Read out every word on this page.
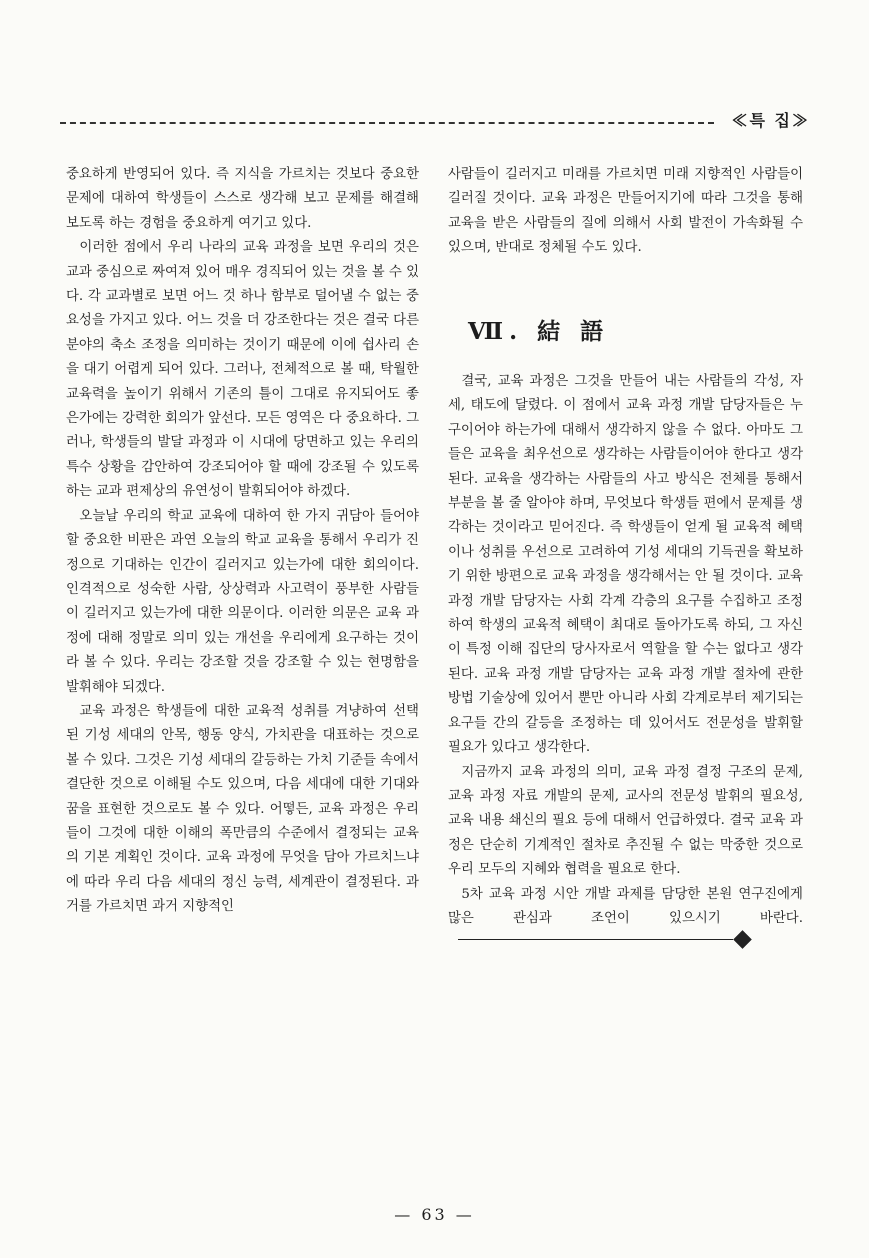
≪특 집≫

중요하게 반영되어 있다. 즉 지식을 가르치는 것보다 중요한 문제에 대하여 학생들이 스스로 생각해 보고 문제를 해결해 보도록 하는 경험을 중요하게 여기고 있다.

이러한 점에서 우리 나라의 교육 과정을 보면 우리의 것은 교과 중심으로 짜여져 있어 매우 경직되어 있는 것을 볼 수 있다. 각 교과별로 보면 어느 것 하나 함부로 덜어낼 수 없는 중요성을 가지고 있다. 어느 것을 더 강조한다는 것은 결국 다른 분야의 축소 조정을 의미하는 것이기 때문에 이에 쉽사리 손을 대기 어렵게 되어 있다. 그러나, 전체적으로 볼 때, 탁월한 교육력을 높이기 위해서 기존의 틀이 그대로 유지되어도 좋은가에는 강력한 회의가 앞선다. 모든 영역은 다 중요하다. 그러나, 학생들의 발달 과정과 이 시대에 당면하고 있는 우리의 특수 상황을 감안하여 강조되어야 할 때에 강조될 수 있도록 하는 교과 편제상의 유연성이 발휘되어야 하겠다.

오늘날 우리의 학교 교육에 대하여 한 가지 귀담아 들어야 할 중요한 비판은 과연 오늘의 학교 교육을 통해서 우리가 진정으로 기대하는 인간이 길러지고 있는가에 대한 회의이다. 인격적으로 성숙한 사람, 상상력과 사고력이 풍부한 사람들이 길러지고 있는가에 대한 의문이다. 이러한 의문은 교육 과정에 대해 정말로 의미 있는 개선을 우리에게 요구하는 것이라 볼 수 있다. 우리는 강조할 것을 강조할 수 있는 현명함을 발휘해야 되겠다.

교육 과정은 학생들에 대한 교육적 성취를 겨냥하여 선택된 기성 세대의 안목, 행동 양식, 가치관을 대표하는 것으로 볼 수 있다. 그것은 기성 세대의 갈등하는 가치 기준들 속에서 결단한 것으로 이해될 수도 있으며, 다음 세대에 대한 기대와 꿈을 표현한 것으로도 볼 수 있다. 어떻든, 교육 과정은 우리들이 그것에 대한 이해의 폭만큼의 수준에서 결정되는 교육의 기본 계획인 것이다. 교육 과정에 무엇을 담아 가르치느냐에 따라 우리 다음 세대의 정신 능력, 세계관이 결정된다. 과거를 가르치면 과거 지향적인

사람들이 길러지고 미래를 가르치면 미래 지향적인 사람들이 길러질 것이다. 교육 과정은 만들어지기에 따라 그것을 통해 교육을 받은 사람들의 질에 의해서 사회 발전이 가속화될 수 있으며, 반대로 정체될 수도 있다.

Ⅶ. 結 語

결국, 교육 과정은 그것을 만들어 내는 사람들의 각성, 자세, 태도에 달렸다. 이 점에서 교육 과정 개발 담당자들은 누구이어야 하는가에 대해서 생각하지 않을 수 없다. 아마도 그들은 교육을 최우선으로 생각하는 사람들이어야 한다고 생각된다. 교육을 생각하는 사람들의 사고 방식은 전체를 통해서 부분을 볼 줄 알아야 하며, 무엇보다 학생들 편에서 문제를 생각하는 것이라고 믿어진다. 즉 학생들이 얻게 될 교육적 혜택이나 성취를 우선으로 고려하여 기성 세대의 기득권을 확보하기 위한 방편으로 교육 과정을 생각해서는 안 될 것이다. 교육 과정 개발 담당자는 사회 각계 각층의 요구를 수집하고 조정하여 학생의 교육적 혜택이 최대로 돌아가도록 하되, 그 자신이 특정 이해 집단의 당사자로서 역할을 할 수는 없다고 생각된다. 교육 과정 개발 담당자는 교육 과정 개발 절차에 관한 방법 기술상에 있어서 뿐만 아니라 사회 각계로부터 제기되는 요구들 간의 갈등을 조정하는 데 있어서도 전문성을 발휘할 필요가 있다고 생각한다.

지금까지 교육 과정의 의미, 교육 과정 결정 구조의 문제, 교육 과정 자료 개발의 문제, 교사의 전문성 발휘의 필요성, 교육 내용 쇄신의 필요 등에 대해서 언급하였다. 결국 교육 과정은 단순히 기계적인 절차로 추진될 수 없는 막중한 것으로 우리 모두의 지혜와 협력을 필요로 한다.

5차 교육 과정 시안 개발 과제를 담당한 본원 연구진에게 많은 관심과 조언이 있으시기 바란다.

— 63 —
